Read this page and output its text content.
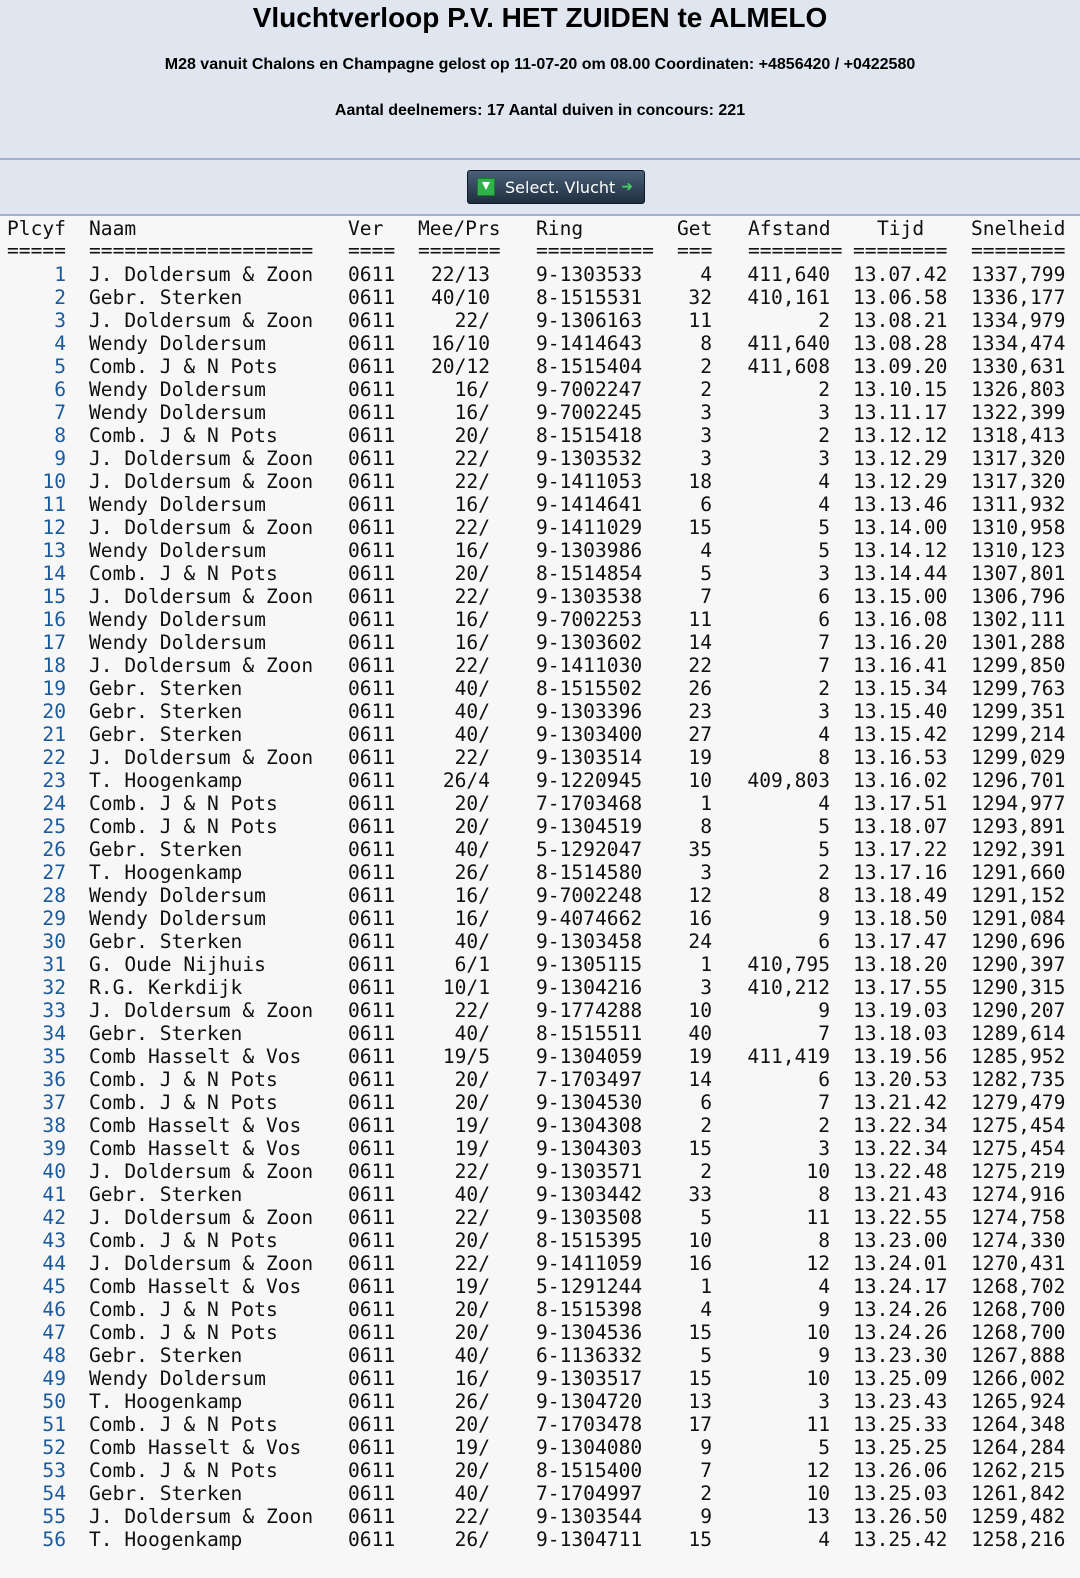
Vluchtverloop P.V. HET ZUIDEN te ALMELO
M28 vanuit Chalons en Champagne gelost op 11-07-20 om 08.00 Coordinaten: +4856420 / +0422580
Aantal deelnemers: 17 Aantal duiven in concours: 221
Select. Vlucht ➜
Plcyf Naam	Ver Mee/Prs Ring	Get Afstand Tijd Snelheid
===== =================== ==== ======= ========== === ======== ======== ========
1 J. Doldersum & Zoon 0611	22/13 9-1303533	4	411,640 13.07.42 1337,799
2 Gebr. Sterken	0611	40/10 8-1515531	32	410,161 13.06.58 1336,177
3 J. Doldersum & Zoon 0611	22/ 9-1306163	11	2 13.08.21 1334,979
4 Wendy Doldersum	0611	16/10 9-1414643	8	411,640 13.08.28 1334,474
5 Comb. J & N Pots	0611	20/12 8-1515404	2	411,608 13.09.20 1330,631
6 Wendy Doldersum	0611	16/ 9-7002247	2	2 13.10.15 1326,803
7 Wendy Doldersum	0611	16/ 9-7002245	3	3 13.11.17 1322,399
8 Comb. J & N Pots	0611	20/ 8-1515418	3	2 13.12.12 1318,413
9 J. Doldersum & Zoon 0611	22/ 9-1303532	3	3 13.12.29 1317,320
10 J. Doldersum & Zoon 0611	22/ 9-1411053	18	4 13.12.29 1317,320
11 Wendy Doldersum	0611	16/ 9-1414641	6	4 13.13.46 1311,932
12 J. Doldersum & Zoon 0611	22/ 9-1411029	15	5 13.14.00 1310,958
13 Wendy Doldersum	0611	16/ 9-1303986	4	5 13.14.12 1310,123
14 Comb. J & N Pots	0611	20/ 8-1514854	5	3 13.14.44 1307,801
15 J. Doldersum & Zoon 0611	22/ 9-1303538	7	6 13.15.00 1306,796
16 Wendy Doldersum	0611	16/ 9-7002253	11	6 13.16.08 1302,111
17 Wendy Doldersum	0611	16/ 9-1303602	14	7 13.16.20 1301,288
18 J. Doldersum & Zoon 0611	22/ 9-1411030	22	7 13.16.41 1299,850
19 Gebr. Sterken	0611	40/ 8-1515502	26	2 13.15.34 1299,763
20 Gebr. Sterken	0611	40/ 9-1303396	23	3 13.15.40 1299,351
21 Gebr. Sterken	0611	40/ 9-1303400	27	4 13.15.42 1299,214
22 J. Doldersum & Zoon 0611	22/ 9-1303514	19	8 13.16.53 1299,029
23 T. Hoogenkamp	0611	26/4 9-1220945	10	409,803 13.16.02 1296,701
24 Comb. J & N Pots	0611	20/ 7-1703468	1	4 13.17.51 1294,977
25 Comb. J & N Pots	0611	20/ 9-1304519	8	5 13.18.07 1293,891
26 Gebr. Sterken	0611	40/ 5-1292047	35	5 13.17.22 1292,391
27 T. Hoogenkamp	0611	26/ 8-1514580	3	2 13.17.16 1291,660
28 Wendy Doldersum	0611	16/ 9-7002248	12	8 13.18.49 1291,152
29 Wendy Doldersum	0611	16/ 9-4074662	16	9 13.18.50 1291,084
30 Gebr. Sterken	0611	40/ 9-1303458	24	6 13.17.47 1290,696
31 G. Oude Nijhuis	0611	6/1 9-1305115	1	410,795 13.18.20 1290,397
32 R.G. Kerkdijk	0611	10/1 9-1304216	3	410,212 13.17.55 1290,315
33 J. Doldersum & Zoon 0611	22/ 9-1774288	10	9 13.19.03 1290,207
34 Gebr. Sterken	0611	40/ 8-1515511	40	7 13.18.03 1289,614
35 Comb Hasselt & Vos 0611	19/5 9-1304059	19	411,419 13.19.56 1285,952
36 Comb. J & N Pots	0611	20/ 7-1703497	14	6 13.20.53 1282,735
37 Comb. J & N Pots	0611	20/ 9-1304530	6	7 13.21.42 1279,479
38 Comb Hasselt & Vos 0611	19/ 9-1304308	2	2 13.22.34 1275,454
39 Comb Hasselt & Vos 0611	19/ 9-1304303	15	3 13.22.34 1275,454
40 J. Doldersum & Zoon 0611	22/ 9-1303571	2	10 13.22.48 1275,219
41 Gebr. Sterken	0611	40/ 9-1303442	33	8 13.21.43 1274,916
42 J. Doldersum & Zoon 0611	22/ 9-1303508	5	11 13.22.55 1274,758
43 Comb. J & N Pots	0611	20/ 8-1515395	10	8 13.23.00 1274,330
44 J. Doldersum & Zoon 0611	22/ 9-1411059	16	12 13.24.01 1270,431
45 Comb Hasselt & Vos 0611	19/ 5-1291244	1	4 13.24.17 1268,702
46 Comb. J & N Pots	0611	20/ 8-1515398	4	9 13.24.26 1268,700
47 Comb. J & N Pots	0611	20/ 9-1304536	15	10 13.24.26 1268,700
48 Gebr. Sterken	0611	40/ 6-1136332	5	9 13.23.30 1267,888
49 Wendy Doldersum	0611	16/ 9-1303517	15	10 13.25.09 1266,002
50 T. Hoogenkamp	0611	26/ 9-1304720	13	3 13.23.43 1265,924
51 Comb. J & N Pots	0611	20/ 7-1703478	17	11 13.25.33 1264,348
52 Comb Hasselt & Vos 0611	19/ 9-1304080	9	5 13.25.25 1264,284
53 Comb. J & N Pots	0611	20/ 8-1515400	7	12 13.26.06 1262,215
54 Gebr. Sterken	0611	40/ 7-1704997	2	10 13.25.03 1261,842
55 J. Doldersum & Zoon 0611	22/ 9-1303544	9	13 13.26.50 1259,482
56 T. Hoogenkamp	0611	26/ 9-1304711	15	4 13.25.42 1258,216
